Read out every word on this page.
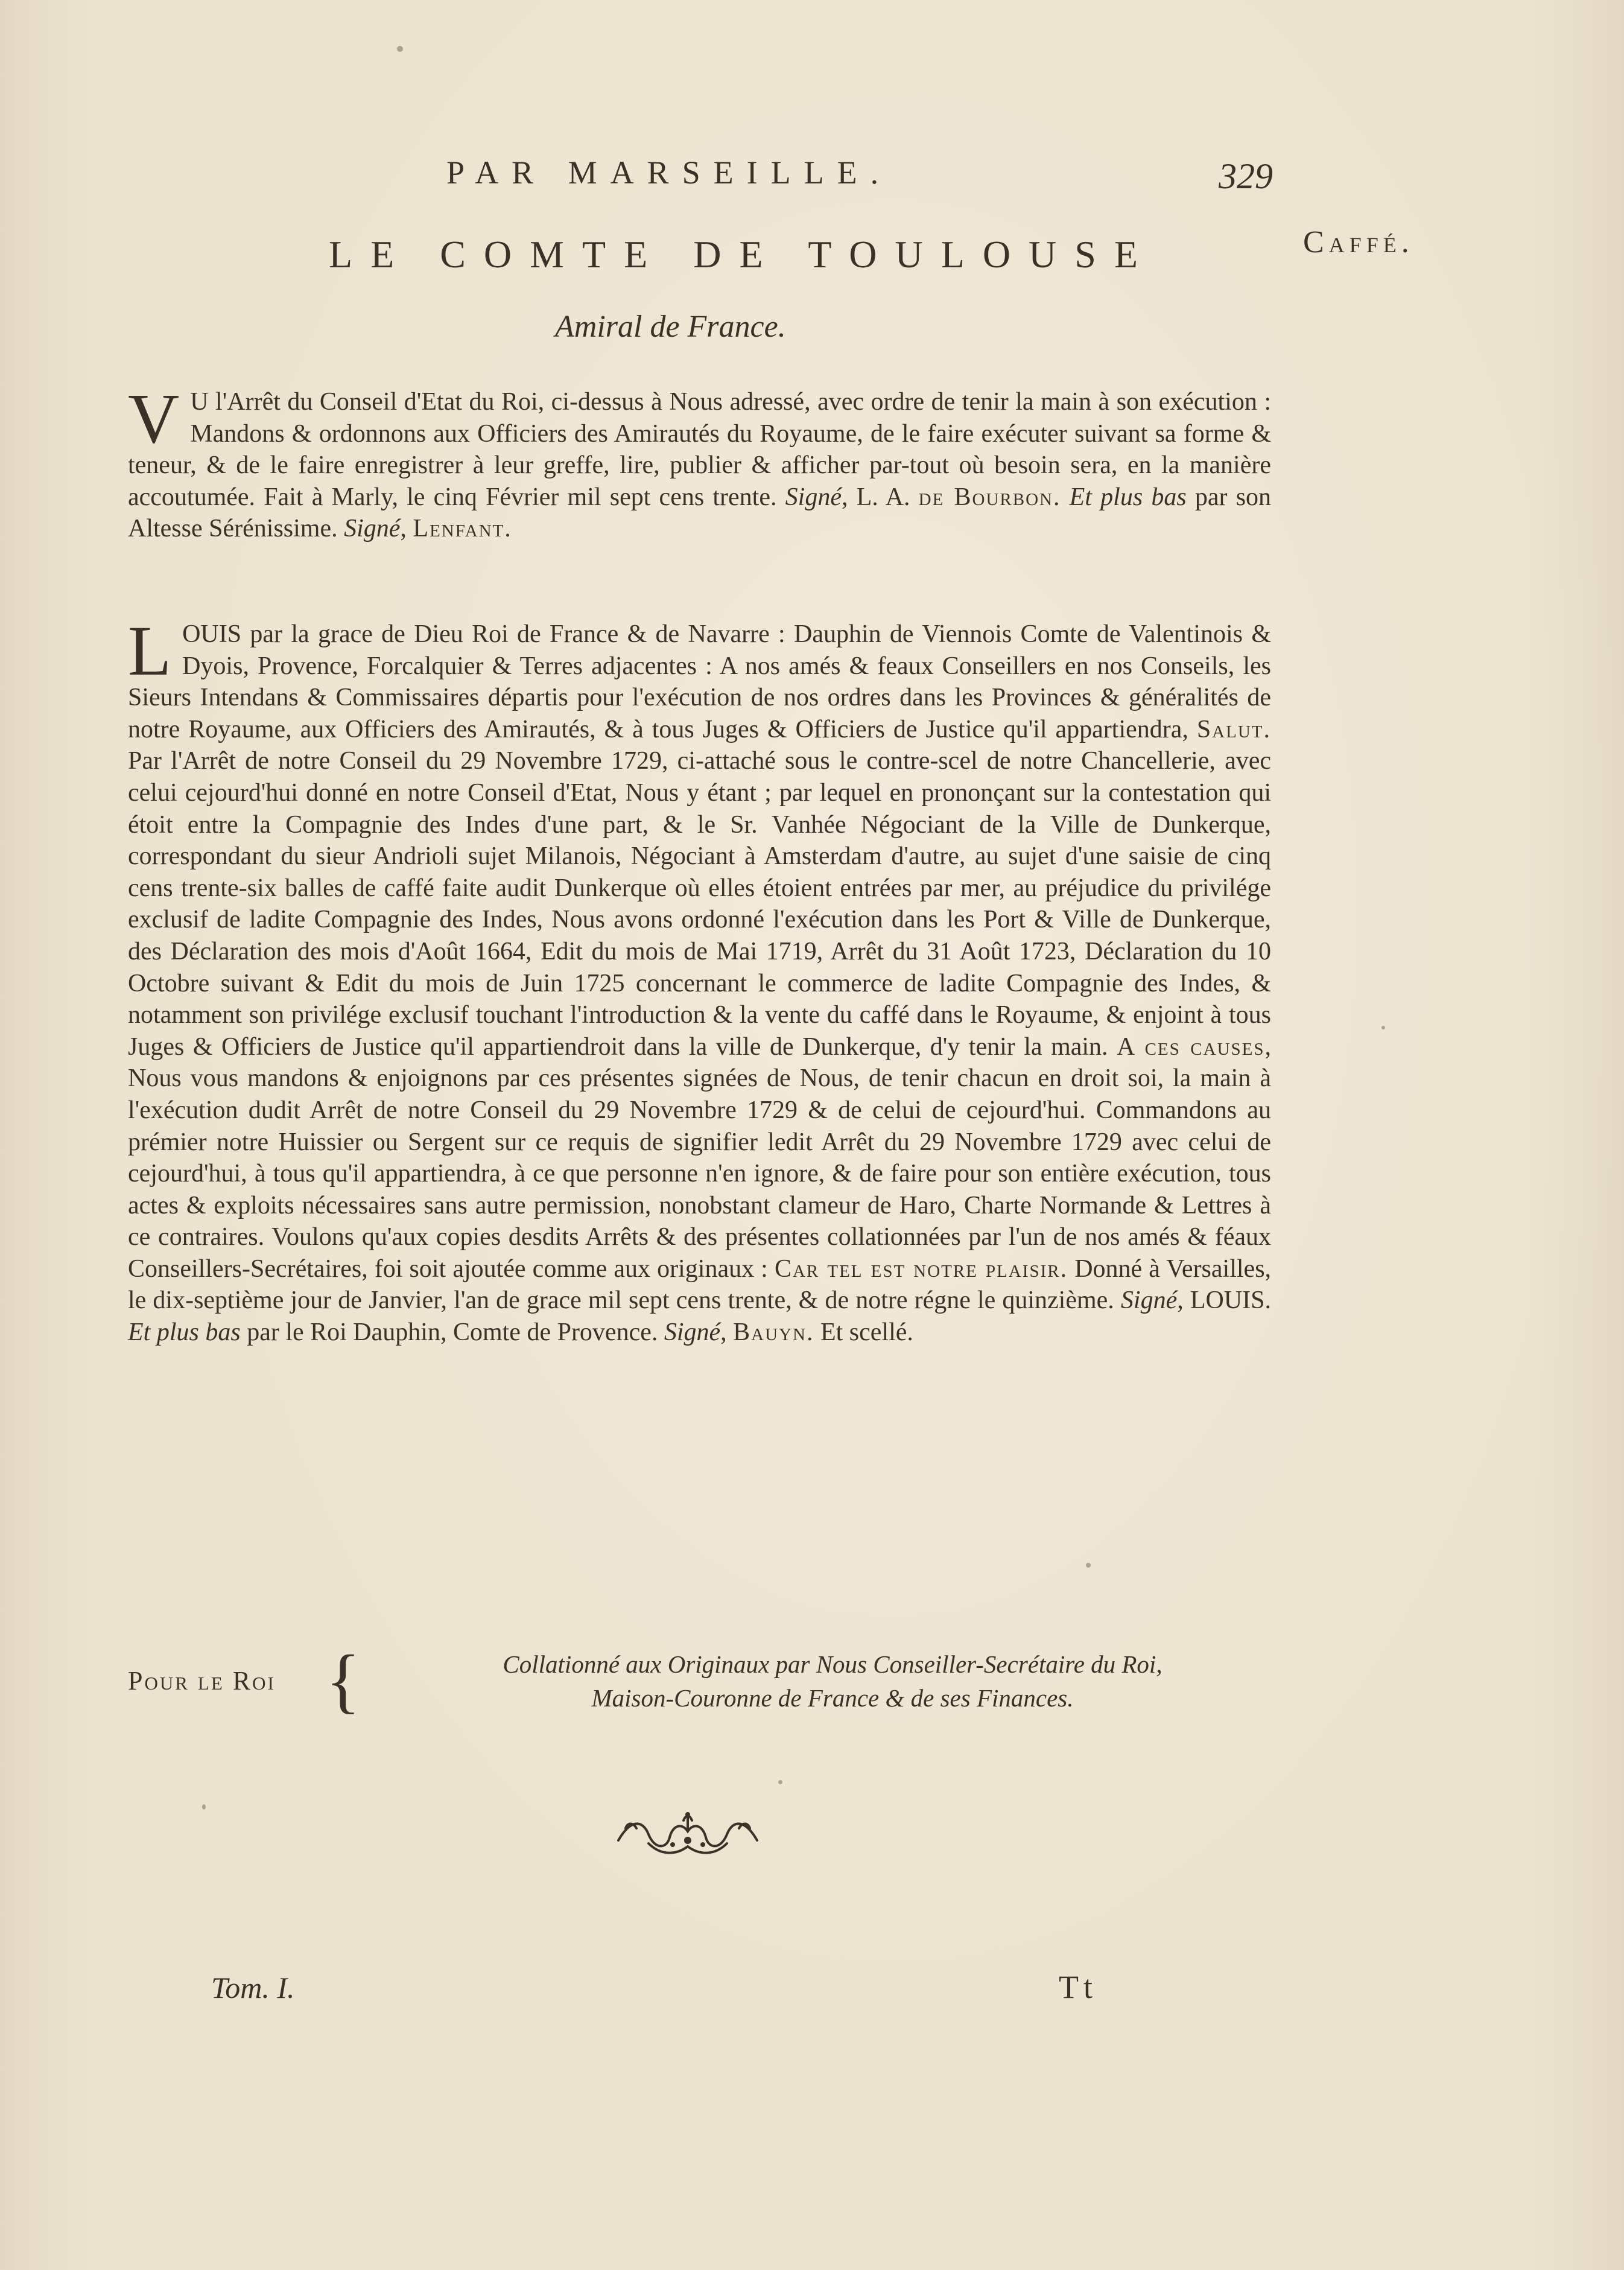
PAR MARSEILLE.	329
Caffé.
LE COMTE DE TOULOUSE
Amiral de France.
V U l'Arrêt du Conseil d'Etat du Roi, ci-dessus à Nous adressé, avec ordre de tenir la main à son exécution : Mandons & ordonnons aux Officiers des Amirautés du Royaume, de le faire exécuter suivant sa forme & teneur, & de le faire enregistrer à leur greffe, lire, publier & afficher par-tout où besoin sera, en la manière accoutumée. Fait à Marly, le cinq Février mil sept cens trente. Signé, L. A. de Bourbon. Et plus bas par son Altesse Sérénissime. Signé, Lenfant.
LOUIS par la grace de Dieu Roi de France & de Navarre : Dauphin de Viennois Comte de Valentinois & Dyois, Provence, Forcalquier & Terres adjacentes : A nos amés & feaux Conseillers en nos Conseils, les Sieurs Intendans & Commissaires départis pour l'exécution de nos ordres dans les Provinces & généralités de notre Royaume, aux Officiers des Amirautés, & à tous Juges & Officiers de Justice qu'il appartiendra, Salut. Par l'Arrêt de notre Conseil du 29 Novembre 1729, ci-attaché sous le contre-scel de notre Chancellerie, avec celui cejourd'hui donné en notre Conseil d'Etat, Nous y étant ; par lequel en prononçant sur la contestation qui étoit entre la Compagnie des Indes d'une part, & le Sr. Vanhée Négociant de la Ville de Dunkerque, correspondant du sieur Andrioli sujet Milanois, Négociant à Amsterdam d'autre, au sujet d'une saisie de cinq cens trente-six balles de caffé faite audit Dunkerque où elles étoient entrées par mer, au préjudice du privilége exclusif de ladite Compagnie des Indes, Nous avons ordonné l'exécution dans les Port & Ville de Dunkerque, des Déclaration des mois d'Août 1664, Edit du mois de Mai 1719, Arrêt du 31 Août 1723, Déclaration du 10 Octobre suivant & Edit du mois de Juin 1725 concernant le commerce de ladite Compagnie des Indes, & notamment son privilége exclusif touchant l'introduction & la vente du caffé dans le Royaume, & enjoint à tous Juges & Officiers de Justice qu'il appartiendroit dans la ville de Dunkerque, d'y tenir la main. A ces causes, Nous vous mandons & enjoignons par ces présentes signées de Nous, de tenir chacun en droit soi, la main à l'exécution dudit Arrêt de notre Conseil du 29 Novembre 1729 & de celui de cejourd'hui. Commandons au prémier notre Huissier ou Sergent sur ce requis de signifier ledit Arrêt du 29 Novembre 1729 avec celui de cejourd'hui, à tous qu'il appartiendra, à ce que personne n'en ignore, & de faire pour son entière exécution, tous actes & exploits nécessaires sans autre permission, nonobstant clameur de Haro, Charte Normande & Lettres à ce contraires. Voulons qu'aux copies desdits Arrêts & des présentes collationnées par l'un de nos amés & féaux Conseillers-Secrétaires, foi soit ajoutée comme aux originaux : Car tel est notre plaisir. Donné à Versailles, le dix-septième jour de Janvier, l'an de grace mil sept cens trente, & de notre régne le quinzième. Signé, LOUIS. Et plus bas par le Roi Dauphin, Comte de Provence. Signé, Bauyn. Et scellé.
Pour le Roi {	Collationné aux Originaux par Nous Conseiller-Secrétaire du Roi,
Maison-Couronne de France & de ses Finances.
Tom. I.	Tt
